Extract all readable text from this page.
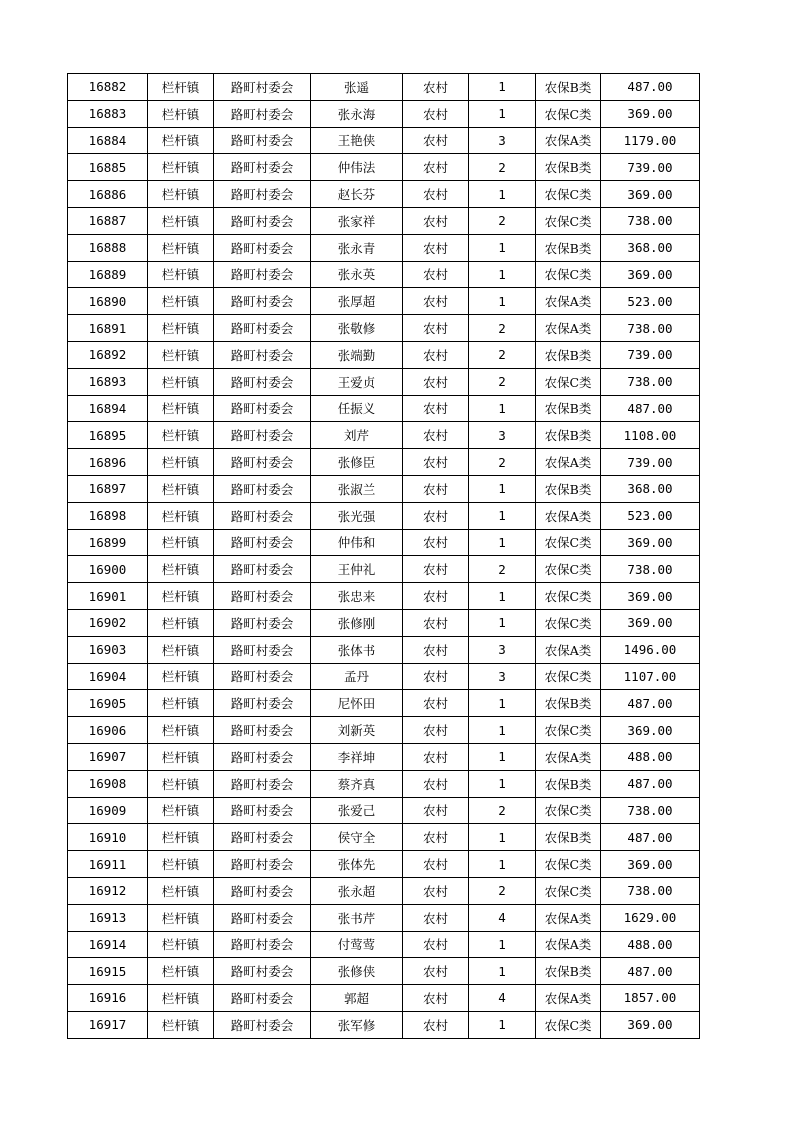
16882	栏杆镇	路町村委会	张遥	农村	1	农保B类	487.00
16883	栏杆镇	路町村委会	张永海	农村	1	农保C类	369.00
16884	栏杆镇	路町村委会	王艳侠	农村	3	农保A类	1179.00
16885	栏杆镇	路町村委会	仲伟法	农村	2	农保B类	739.00
16886	栏杆镇	路町村委会	赵长芬	农村	1	农保C类	369.00
16887	栏杆镇	路町村委会	张家祥	农村	2	农保C类	738.00
16888	栏杆镇	路町村委会	张永青	农村	1	农保B类	368.00
16889	栏杆镇	路町村委会	张永英	农村	1	农保C类	369.00
16890	栏杆镇	路町村委会	张厚超	农村	1	农保A类	523.00
16891	栏杆镇	路町村委会	张敬修	农村	2	农保A类	738.00
16892	栏杆镇	路町村委会	张端勤	农村	2	农保B类	739.00
16893	栏杆镇	路町村委会	王爱贞	农村	2	农保C类	738.00
16894	栏杆镇	路町村委会	任振义	农村	1	农保B类	487.00
16895	栏杆镇	路町村委会	刘芹	农村	3	农保B类	1108.00
16896	栏杆镇	路町村委会	张修臣	农村	2	农保A类	739.00
16897	栏杆镇	路町村委会	张淑兰	农村	1	农保B类	368.00
16898	栏杆镇	路町村委会	张光强	农村	1	农保A类	523.00
16899	栏杆镇	路町村委会	仲伟和	农村	1	农保C类	369.00
16900	栏杆镇	路町村委会	王仲礼	农村	2	农保C类	738.00
16901	栏杆镇	路町村委会	张忠来	农村	1	农保C类	369.00
16902	栏杆镇	路町村委会	张修刚	农村	1	农保C类	369.00
16903	栏杆镇	路町村委会	张体书	农村	3	农保A类	1496.00
16904	栏杆镇	路町村委会	孟丹	农村	3	农保C类	1107.00
16905	栏杆镇	路町村委会	尼怀田	农村	1	农保B类	487.00
16906	栏杆镇	路町村委会	刘新英	农村	1	农保C类	369.00
16907	栏杆镇	路町村委会	李祥坤	农村	1	农保A类	488.00
16908	栏杆镇	路町村委会	蔡齐真	农村	1	农保B类	487.00
16909	栏杆镇	路町村委会	张爱己	农村	2	农保C类	738.00
16910	栏杆镇	路町村委会	侯守全	农村	1	农保B类	487.00
16911	栏杆镇	路町村委会	张体先	农村	1	农保C类	369.00
16912	栏杆镇	路町村委会	张永超	农村	2	农保C类	738.00
16913	栏杆镇	路町村委会	张书芹	农村	4	农保A类	1629.00
16914	栏杆镇	路町村委会	付莺莺	农村	1	农保A类	488.00
16915	栏杆镇	路町村委会	张修侠	农村	1	农保B类	487.00
16916	栏杆镇	路町村委会	郭超	农村	4	农保A类	1857.00
16917	栏杆镇	路町村委会	张军修	农村	1	农保C类	369.00
